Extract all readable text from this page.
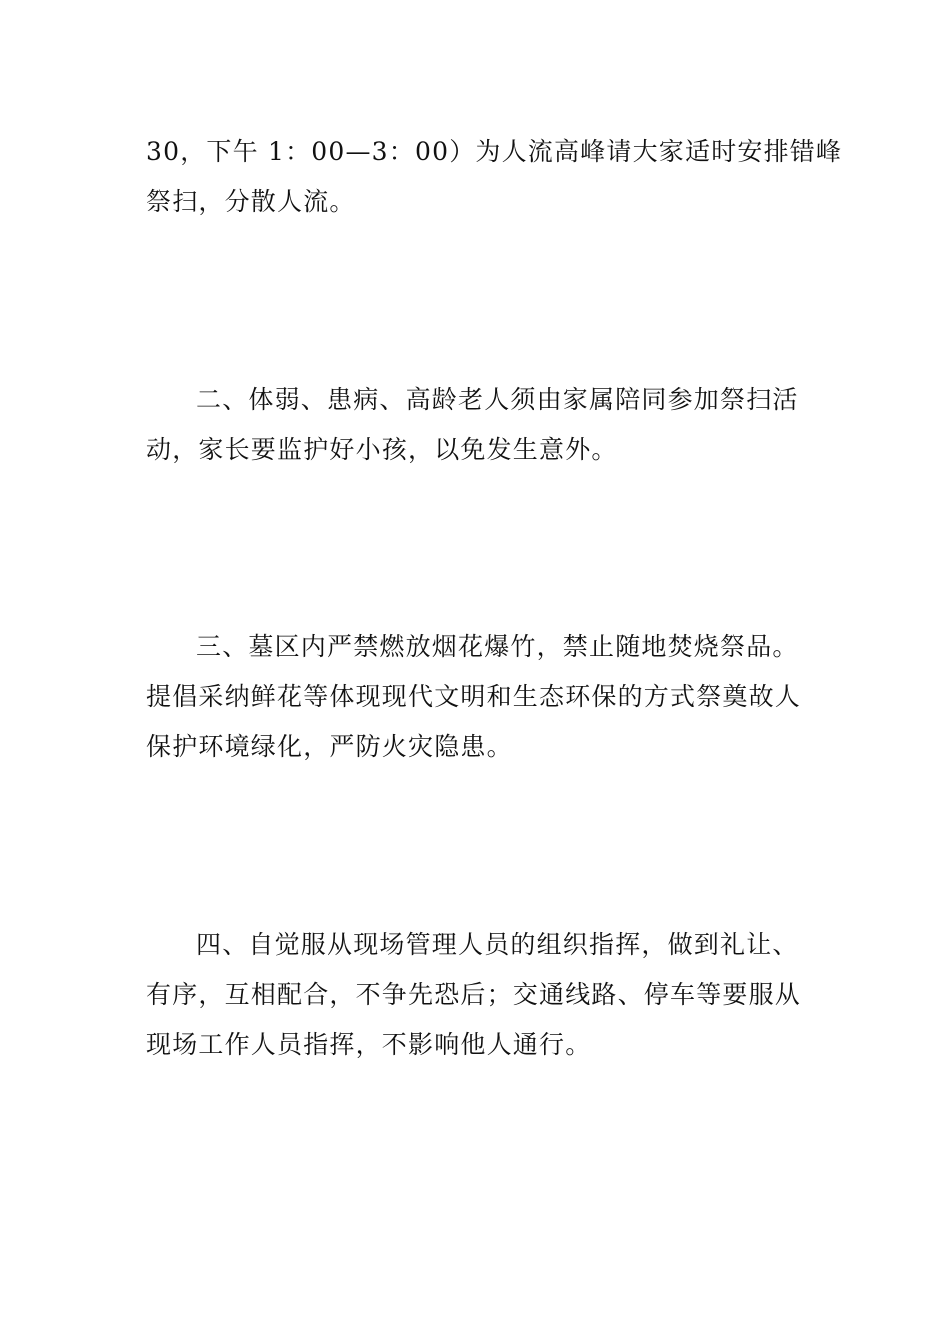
30，下午 1：00—3：00）为人流高峰请大家适时安排错峰
祭扫，分散人流。
二、体弱、患病、高龄老人须由家属陪同参加祭扫活
动，家长要监护好小孩，以免发生意外。
三、墓区内严禁燃放烟花爆竹，禁止随地焚烧祭品。
提倡采纳鲜花等体现现代文明和生态环保的方式祭奠故人
保护环境绿化，严防火灾隐患。
四、自觉服从现场管理人员的组织指挥，做到礼让、
有序，互相配合，不争先恐后；交通线路、停车等要服从
现场工作人员指挥，不影响他人通行。
